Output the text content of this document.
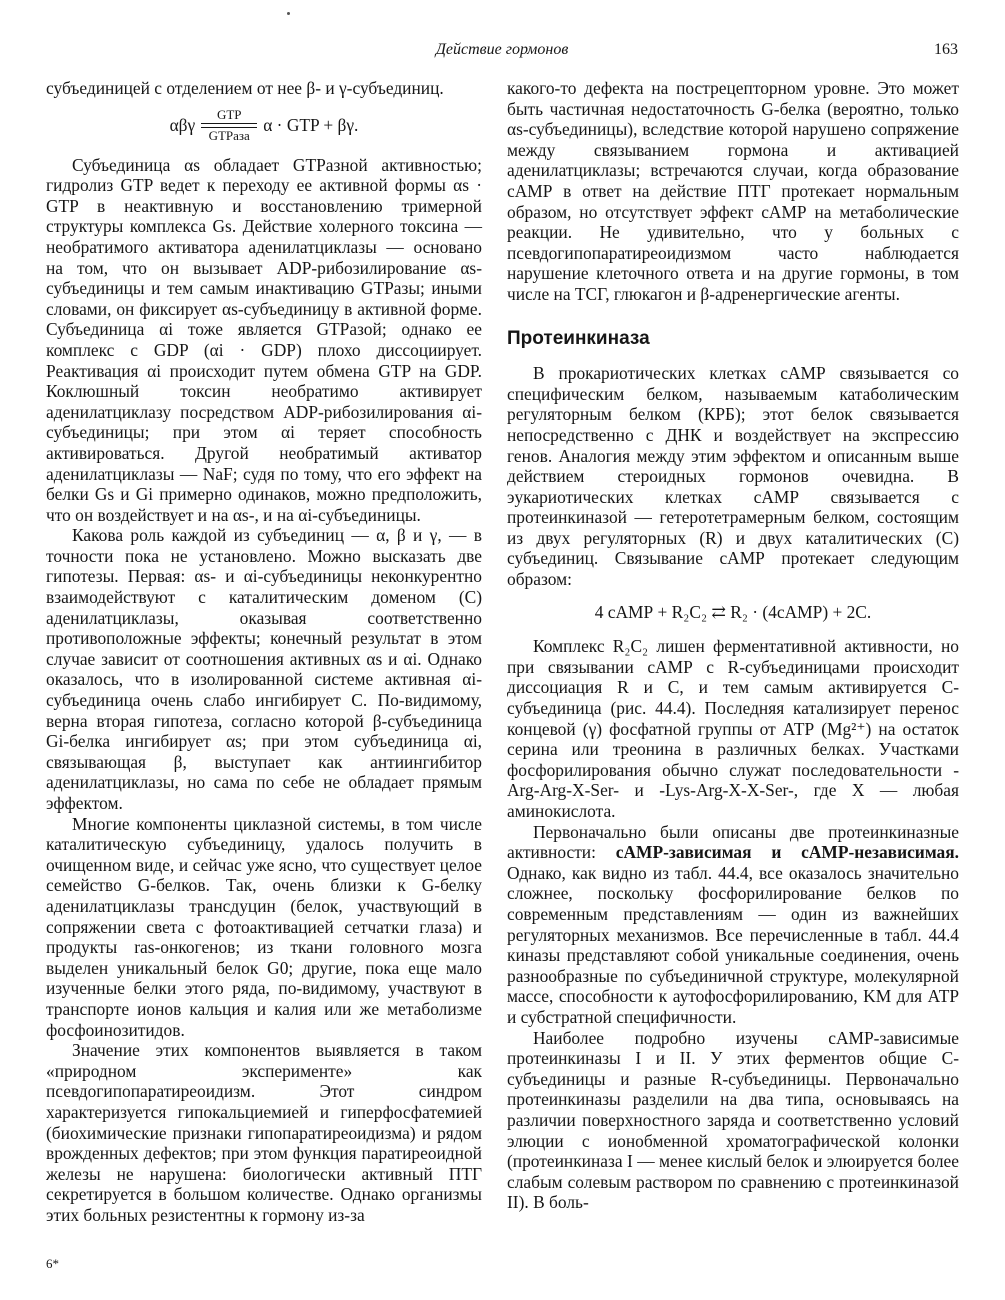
Действие гормонов	163

субъединицей с отделением от нее β- и γ-субъединиц.

αβγ
GTP
GTPаза
α · GTP + βγ.

Субъединица αs обладает GTPазной активностью; гидролиз GTP ведет к переходу ее активной формы αs · GTP в неактивную и восстановлению тримерной структуры комплекса Gs. Действие холерного токсина — необратимого активатора аденилатциклазы — основано на том, что он вызывает ADP-рибозилирование αs-субъединицы и тем самым инактивацию GTPазы; иными словами, он фиксирует αs-субъединицу в активной форме. Субъединица αi тоже является GTPазой; однако ее комплекс с GDP (αi · GDP) плохо диссоциирует. Реактивация αi происходит путем обмена GTP на GDP. Коклюшный токсин необратимо активирует аденилатциклазу посредством ADP-рибозилирования αi-субъединицы; при этом αi теряет способность активироваться. Другой необратимый активатор аденилатциклазы — NaF; судя по тому, что его эффект на белки Gs и Gi примерно одинаков, можно предположить, что он воздействует и на αs-, и на αi-субъединицы.

Какова роль каждой из субъединиц — α, β и γ, — в точности пока не установлено. Можно высказать две гипотезы. Первая: αs- и αi-субъединицы неконкурентно взаимодействуют с каталитическим доменом (С) аденилатциклазы, оказывая соответственно противоположные эффекты; конечный результат в этом случае зависит от соотношения активных αs и αi. Однако оказалось, что в изолированной системе активная αi-субъединица очень слабо ингибирует С. По-видимому, верна вторая гипотеза, согласно которой β-субъединица Gi-белка ингибирует αs; при этом субъединица αi, связывающая β, выступает как антиингибитор аденилатциклазы, но сама по себе не обладает прямым эффектом.

Многие компоненты циклазной системы, в том числе каталитическую субъединицу, удалось получить в очищенном виде, и сейчас уже ясно, что существует целое семейство G-белков. Так, очень близки к G-белку аденилатциклазы трансдуцин (белок, участвующий в сопряжении света с фотоактивацией сетчатки глаза) и продукты ras-онкогенов; из ткани головного мозга выделен уникальный белок G0; другие, пока еще мало изученные белки этого ряда, по-видимому, участвуют в транспорте ионов кальция и калия или же метаболизме фосфоинозитидов.

Значение этих компонентов выявляется в таком «природном эксперименте» как псевдогипопаратиреоидизм. Этот синдром характеризуется гипокальциемией и гиперфосфатемией (биохимические признаки гипопаратиреоидизма) и рядом врожденных дефектов; при этом функция паратиреоидной железы не нарушена: биологически активный ПТГ секретируется в большом количестве. Однако организмы этих больных резистентны к гормону из-за

какого-то дефекта на пострецепторном уровне. Это может быть частичная недостаточность G-белка (вероятно, только αs-субъединицы), вследствие которой нарушено сопряжение между связыванием гормона и активацией аденилатциклазы; встречаются случаи, когда образование сАМР в ответ на действие ПТГ протекает нормальным образом, но отсутствует эффект сАМР на метаболические реакции. Не удивительно, что у больных с псевдогипопаратиреоидизмом часто наблюдается нарушение клеточного ответа и на другие гормоны, в том числе на ТСГ, глюкагон и β-адренергические агенты.

Протеинкиназа

В прокариотических клетках сАМР связывается со специфическим белком, называемым катаболическим регуляторным белком (КРБ); этот белок связывается непосредственно с ДНК и воздействует на экспрессию генов. Аналогия между этим эффектом и описанным выше действием стероидных гормонов очевидна. В эукариотических клетках сАМР связывается с протеинкиназой — гетеротетрамерным белком, состоящим из двух регуляторных (R) и двух каталитических (С) субъединиц. Связывание сАМР протекает следующим образом:

4 сАМР + R₂C₂ ⇄ R₂ · (4cAMP) + 2C.

Комплекс R₂C₂ лишен ферментативной активности, но при связывании сАМР с R-субъединицами происходит диссоциация R и С, и тем самым активируется С-субъединица (рис. 44.4). Последняя катализирует перенос концевой (γ) фосфатной группы от АТР (Mg²⁺) на остаток серина или треонина в различных белках. Участками фосфорилирования обычно служат последовательности -Arg-Arg-X-Ser- и -Lys-Arg-X-X-Ser-, где X — любая аминокислота.

Первоначально были описаны две протеинкиназные активности: сАМР-зависимая и сАМР-независимая. Однако, как видно из табл. 44.4, все оказалось значительно сложнее, поскольку фосфорилирование белков по современным представлениям — один из важнейших регуляторных механизмов. Все перечисленные в табл. 44.4 киназы представляют собой уникальные соединения, очень разнообразные по субъединичной структуре, молекулярной массе, способности к аутофосфорилированию, KM для АТР и субстратной специфичности.

Наиболее подробно изучены сАМР-зависимые протеинкиназы I и II. У этих ферментов общие С-субъединицы и разные R-субъединицы. Первоначально протеинкиназы разделили на два типа, основываясь на различии поверхностного заряда и соответственно условий элюции с ионобменной хроматографической колонки (протеинкиназа I — менее кислый белок и элюируется более слабым солевым раствором по сравнению с протеинкиназой II). В боль-

6*
